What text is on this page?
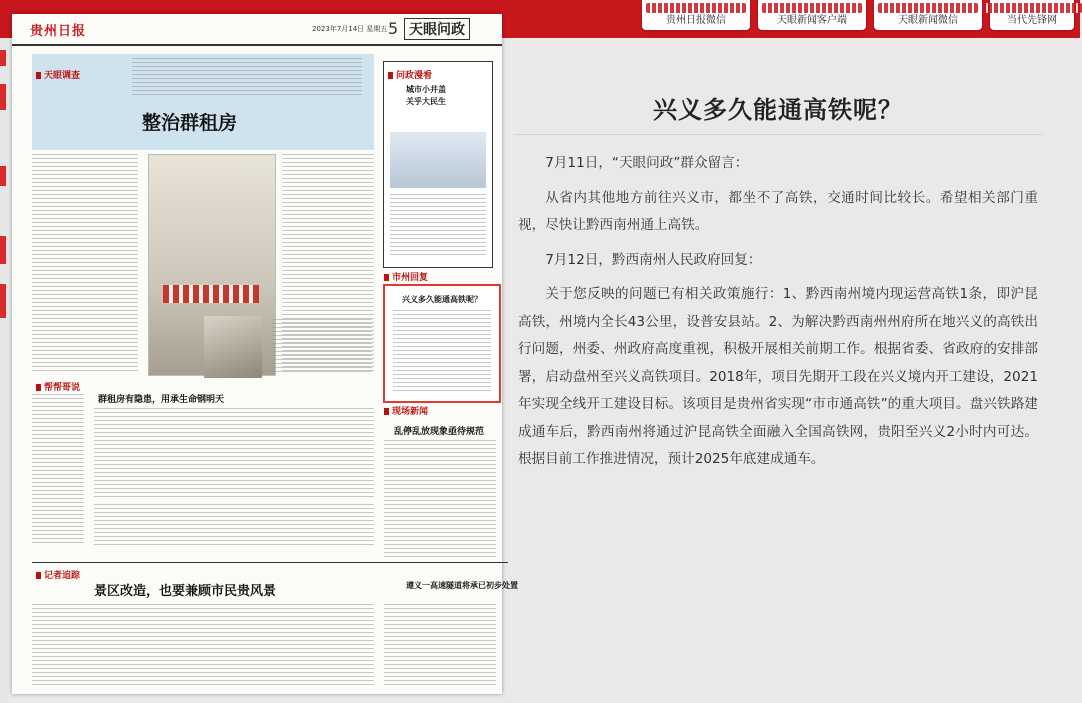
贵州日报微信	天眼新闻客户端	天眼新闻微信	当代先锋网
贵州日报	2023年7月14日 星期五 5 天眼问政
天眼调查
整治群租房
帮帮哥说
群租房有隐患，用承生命钢明天
记者追踪
景区改造，也要兼顾市民贵风景
问政漫看
城市小井盖
关乎大民生
市州回复
兴义多久能通高铁呢？
现场新闻
乱停乱放现象亟待规范
遵义一高速隧道将承已初步处置
兴义多久能通高铁呢？

7月11日，“天眼问政”群众留言：

从省内其他地方前往兴义市，都坐不了高铁，交通时间比较长。希望相关部门重视，尽快让黔西南州通上高铁。

7月12日，黔西南州人民政府回复：

关于您反映的问题已有相关政策施行：1、黔西南州境内现运营高铁1条，即沪昆高铁，州境内全长43公里，设普安县站。2、为解决黔西南州州府所在地兴义的高铁出行问题，州委、州政府高度重视，积极开展相关前期工作。根据省委、省政府的安排部署，启动盘州至兴义高铁项目。2018年，项目先期开工段在兴义境内开工建设，2021年实现全线开工建设目标。该项目是贵州省实现“市市通高铁”的重大项目。盘兴铁路建成通车后，黔西南州将通过沪昆高铁全面融入全国高铁网，贵阳至兴义2小时内可达。根据目前工作推进情况，预计2025年底建成通车。
